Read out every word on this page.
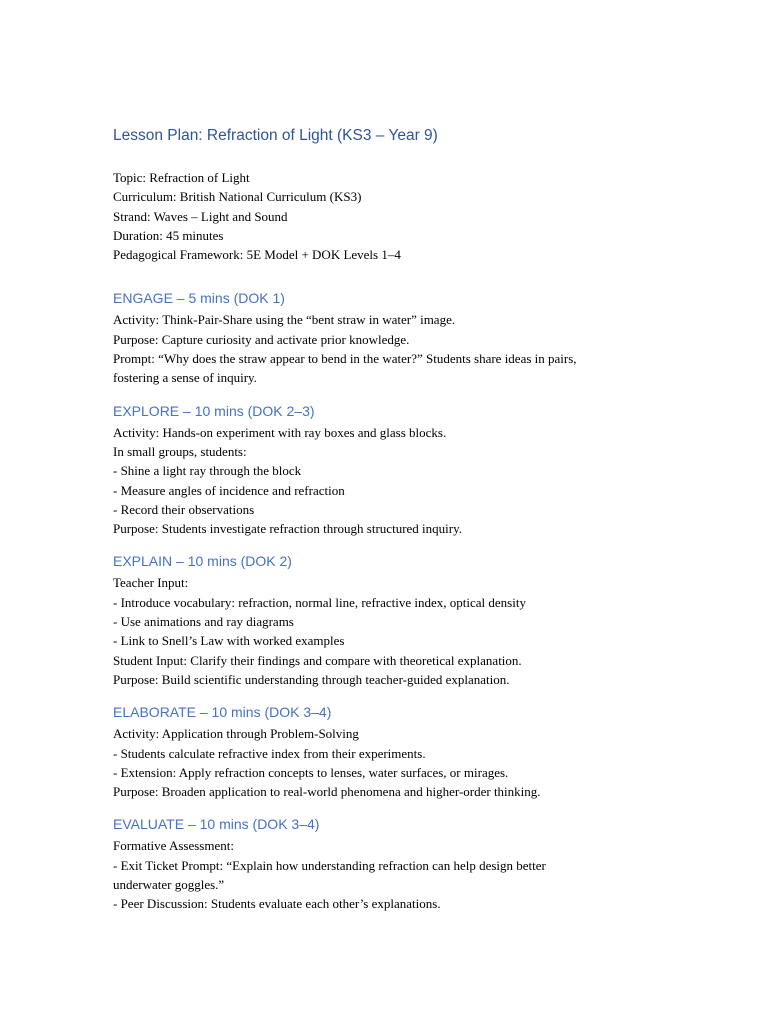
Lesson Plan: Refraction of Light (KS3 – Year 9)

Topic: Refraction of Light

Curriculum: British National Curriculum (KS3)

Strand: Waves – Light and Sound

Duration: 45 minutes

Pedagogical Framework: 5E Model + DOK Levels 1–4

ENGAGE – 5 mins (DOK 1)

Activity: Think-Pair-Share using the “bent straw in water” image.

Purpose: Capture curiosity and activate prior knowledge.

Prompt: “Why does the straw appear to bend in the water?” Students share ideas in pairs,

fostering a sense of inquiry.

EXPLORE – 10 mins (DOK 2–3)

Activity: Hands-on experiment with ray boxes and glass blocks.

In small groups, students:

- Shine a light ray through the block

- Measure angles of incidence and refraction

- Record their observations

Purpose: Students investigate refraction through structured inquiry.

EXPLAIN – 10 mins (DOK 2)

Teacher Input:

- Introduce vocabulary: refraction, normal line, refractive index, optical density

- Use animations and ray diagrams

- Link to Snell’s Law with worked examples

Student Input: Clarify their findings and compare with theoretical explanation.

Purpose: Build scientific understanding through teacher-guided explanation.

ELABORATE – 10 mins (DOK 3–4)

Activity: Application through Problem-Solving

- Students calculate refractive index from their experiments.

- Extension: Apply refraction concepts to lenses, water surfaces, or mirages.

Purpose: Broaden application to real-world phenomena and higher-order thinking.

EVALUATE – 10 mins (DOK 3–4)

Formative Assessment:

- Exit Ticket Prompt: “Explain how understanding refraction can help design better

underwater goggles.”

- Peer Discussion: Students evaluate each other’s explanations.
